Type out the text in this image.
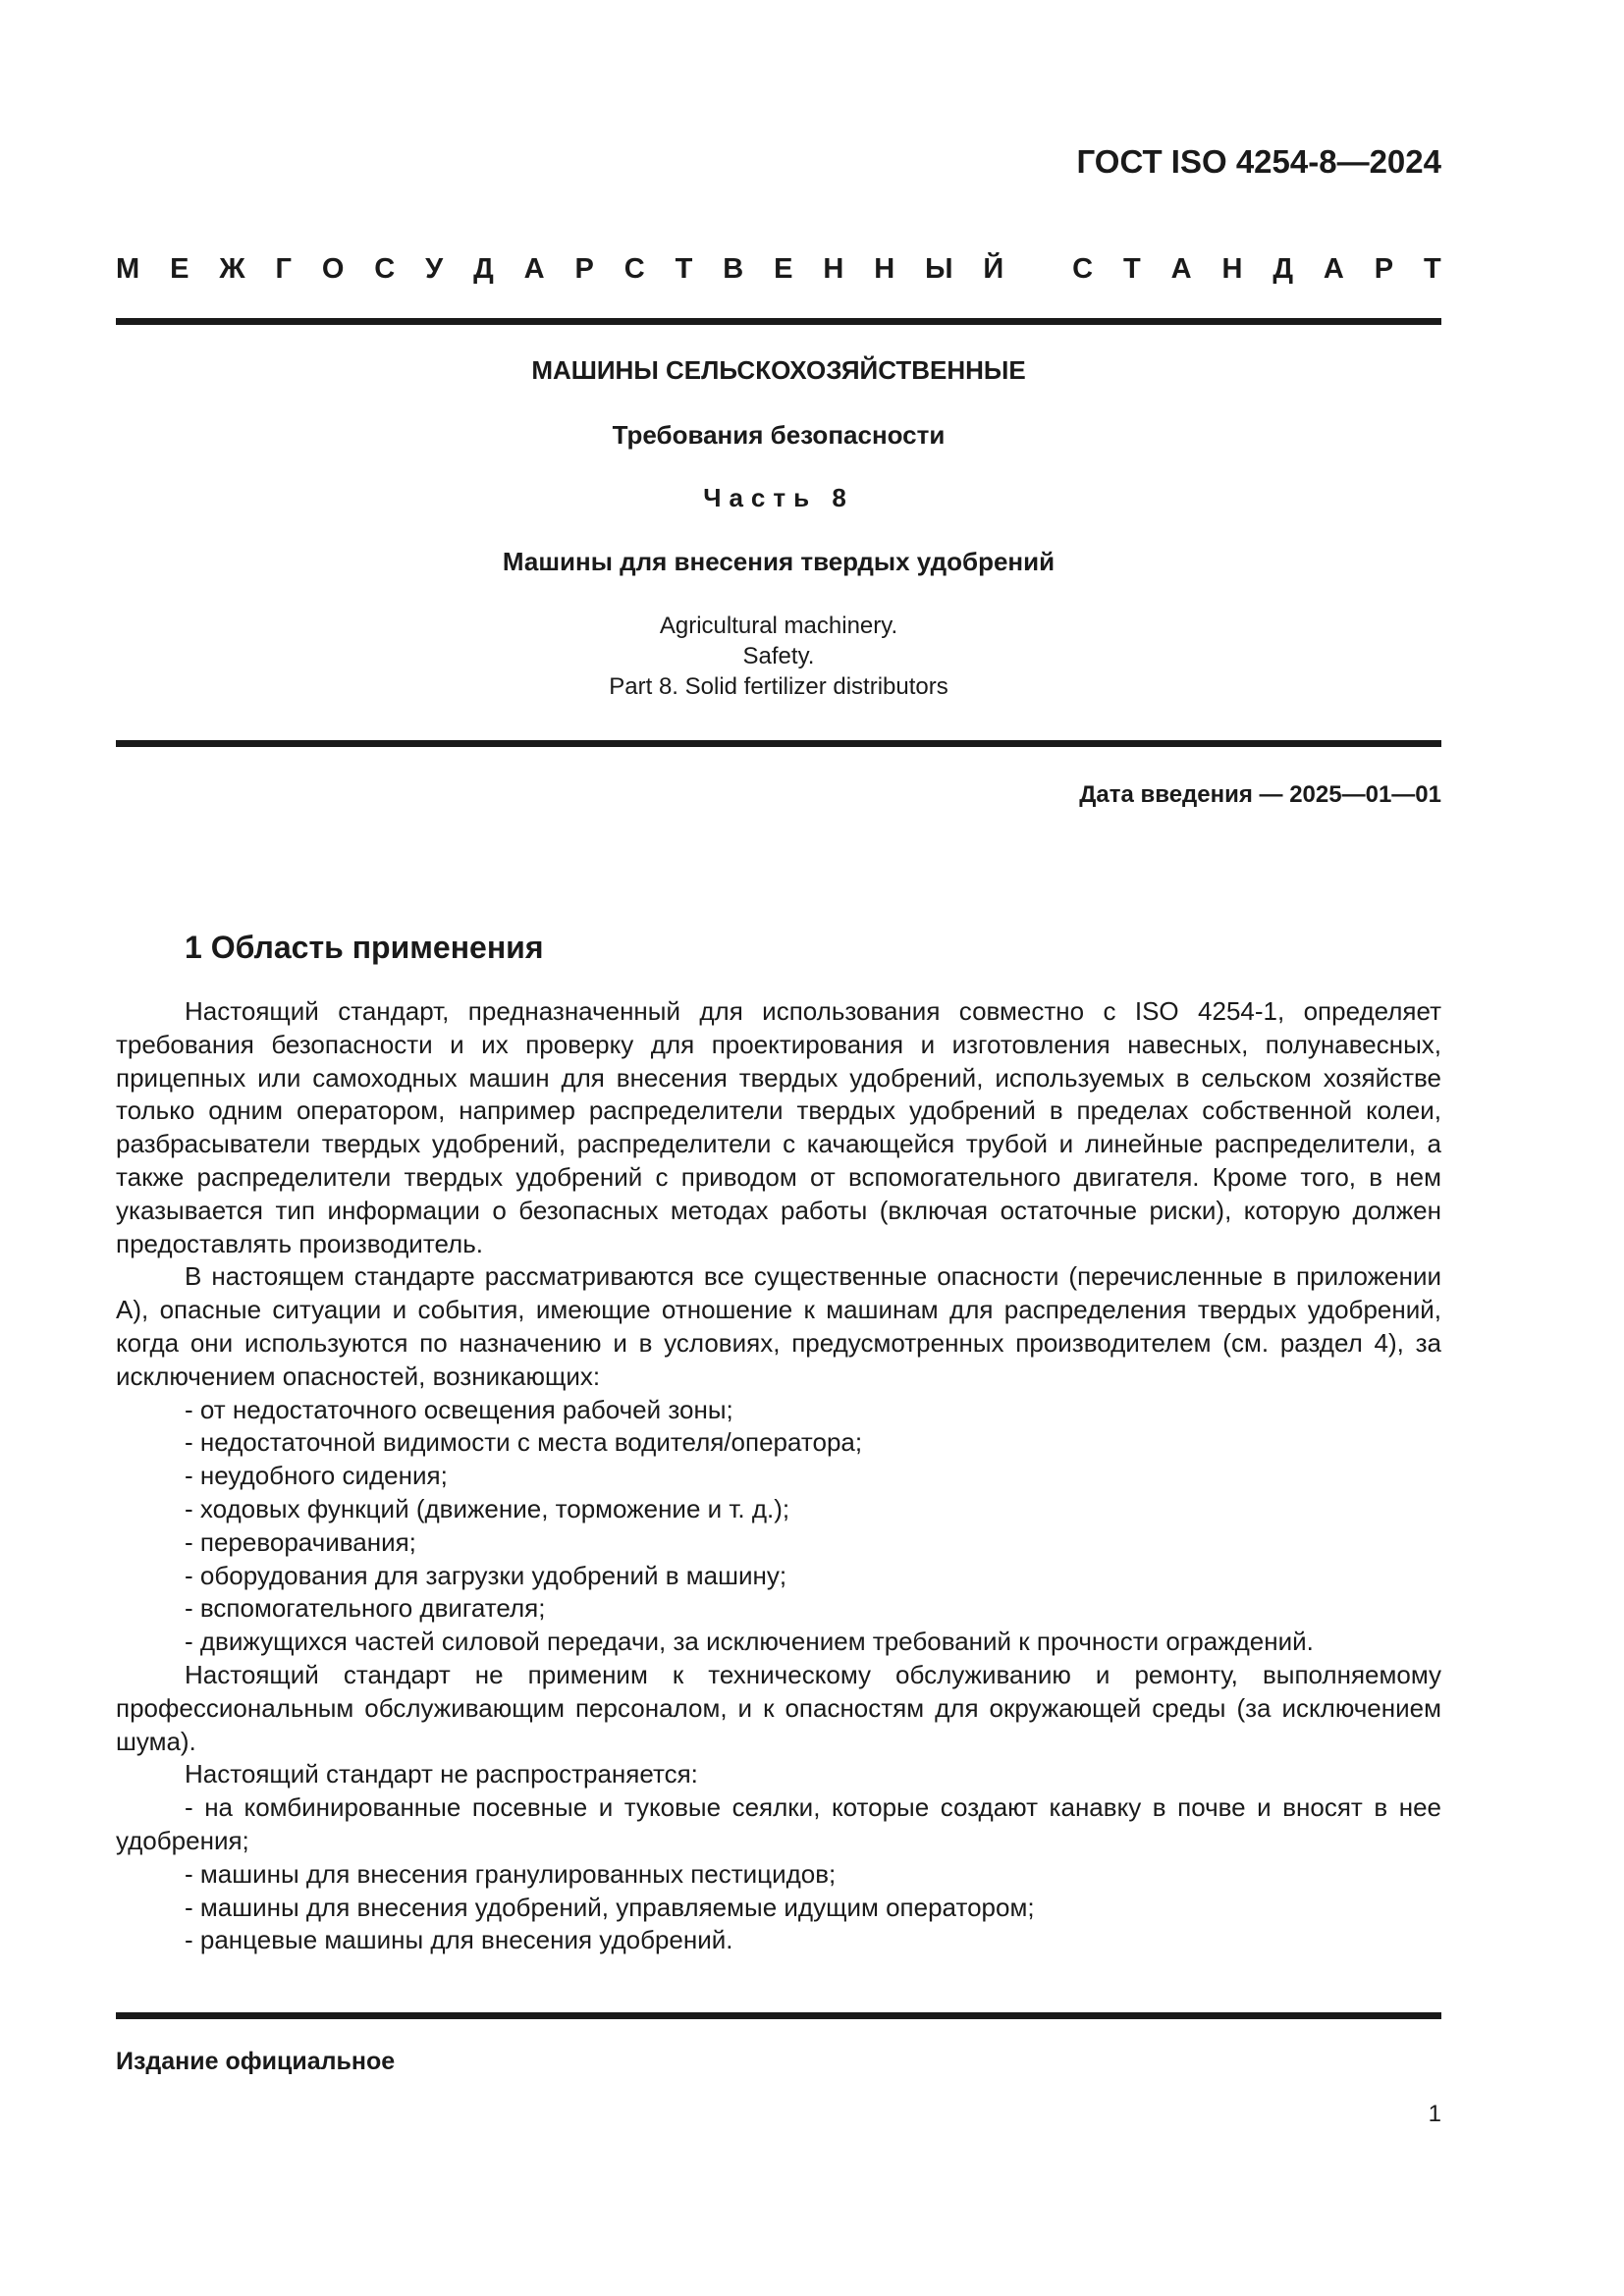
ГОСТ ISO 4254-8—2024
М Е Ж Г О С У Д А Р С Т В Е Н Н Ы Й
С Т А Н Д А Р Т
МАШИНЫ СЕЛЬСКОХОЗЯЙСТВЕННЫЕ
Требования безопасности
Часть 8
Машины для внесения твердых удобрений
Agricultural machinery.
Safety.
Part 8. Solid fertilizer distributors
Дата введения — 2025—01—01
1 Область применения

Настоящий стандарт, предназначенный для использования совместно с ISO 4254-1, определяет требования безопасности и их проверку для проектирования и изготовления навесных, полунавесных, прицепных или самоходных машин для внесения твердых удобрений, используемых в сельском хозяйстве только одним оператором, например распределители твердых удобрений в пределах собственной колеи, разбрасыватели твердых удобрений, распределители с качающейся трубой и линейные распределители, а также распределители твердых удобрений с приводом от вспомогательного двигателя. Кроме того, в нем указывается тип информации о безопасных методах работы (включая остаточные риски), которую должен предоставлять производитель.

В настоящем стандарте рассматриваются все существенные опасности (перечисленные в приложении А), опасные ситуации и события, имеющие отношение к машинам для распределения твердых удобрений, когда они используются по назначению и в условиях, предусмотренных производителем (см. раздел 4), за исключением опасностей, возникающих:

- от недостаточного освещения рабочей зоны;

- недостаточной видимости с места водителя/оператора;

- неудобного сидения;

- ходовых функций (движение, торможение и т. д.);

- переворачивания;

- оборудования для загрузки удобрений в машину;

- вспомогательного двигателя;

- движущихся частей силовой передачи, за исключением требований к прочности ограждений.

Настоящий стандарт не применим к техническому обслуживанию и ремонту, выполняемому профессиональным обслуживающим персоналом, и к опасностям для окружающей среды (за исключением шума).

Настоящий стандарт не распространяется:

- на комбинированные посевные и туковые сеялки, которые создают канавку в почве и вносят в нее удобрения;

- машины для внесения гранулированных пестицидов;

- машины для внесения удобрений, управляемые идущим оператором;

- ранцевые машины для внесения удобрений.

Издание официальное
1
